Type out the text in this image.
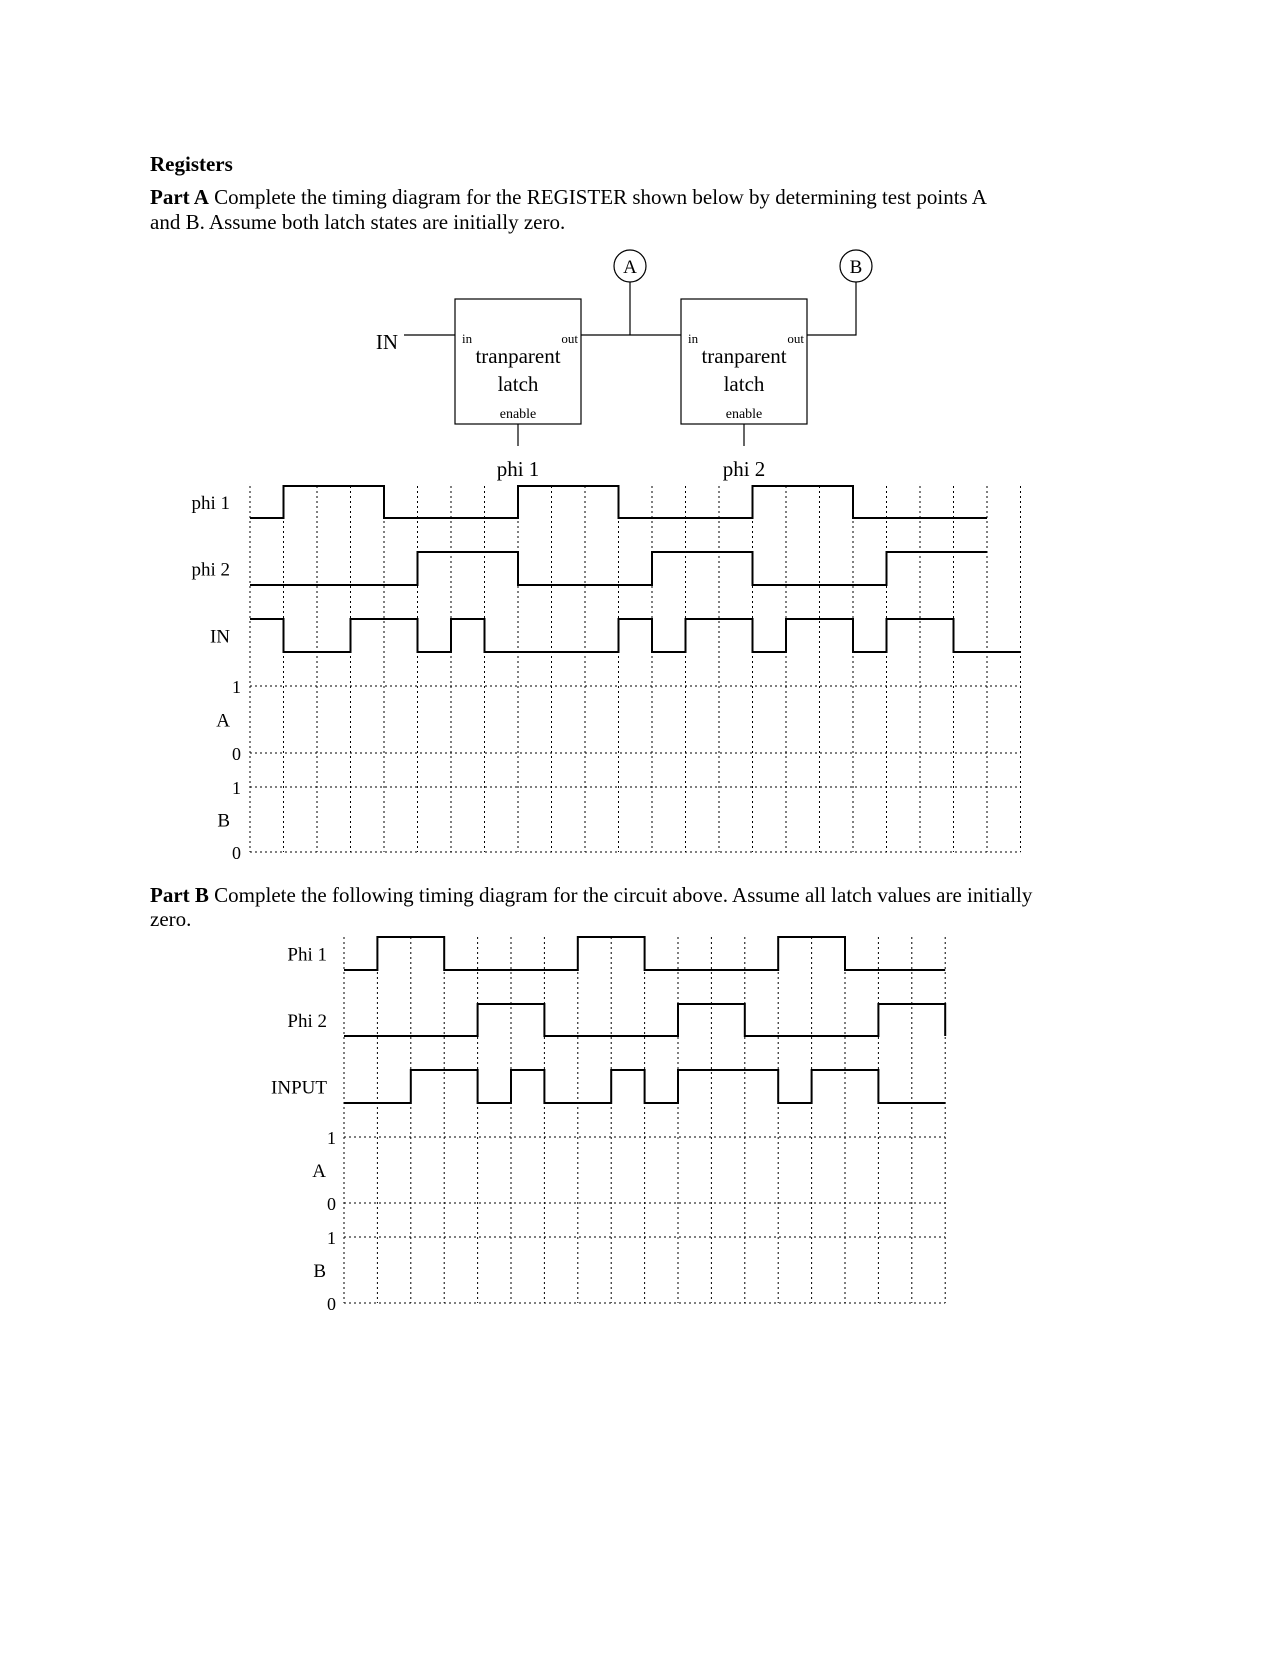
Registers
Part A Complete the timing diagram for the REGISTER shown below by determining test points A
and B. Assume both latch states are initially zero.
Part B Complete the following timing diagram for the circuit above. Assume all latch values are initially
zero.
IN	in	out
tranparent
latch
enable
phi 1
in	out
tranparent
latch
enable
phi 2
A	B
phi 1
phi 2
IN
1
0
A
1
0
B
Phi 1
Phi 2
INPUT
1
0
A
1
0
B
